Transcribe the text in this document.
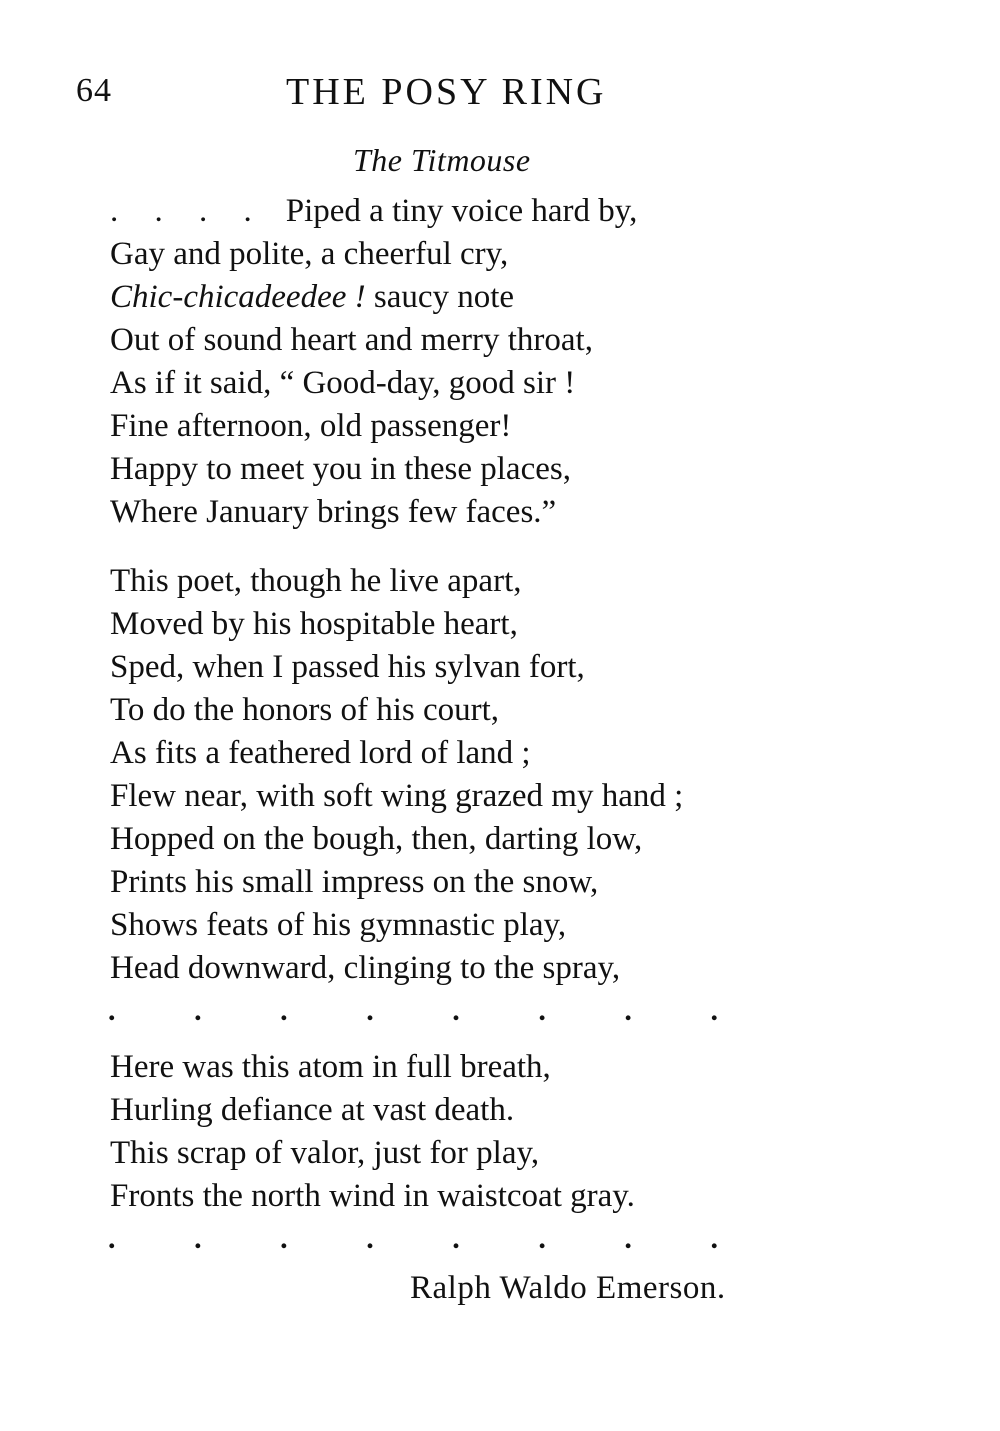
64	THE POSY RING
The Titmouse
. . . . Piped a tiny voice hard by,
Gay and polite, a cheerful cry,
Chic-chicadeedee ! saucy note
Out of sound heart and merry throat,
As if it said, “ Good-day, good sir !
Fine afternoon, old passenger!
Happy to meet you in these places,
Where January brings few faces.”
This poet, though he live apart,
Moved by his hospitable heart,
Sped, when I passed his sylvan fort,
To do the honors of his court,
As fits a feathered lord of land ;
Flew near, with soft wing grazed my hand ;
Hopped on the bough, then, darting low,
Prints his small impress on the snow,
Shows feats of his gymnastic play,
Head downward, clinging to the spray,
.	.	.	.	.	.	.	.
Here was this atom in full breath,
Hurling defiance at vast death.
This scrap of valor, just for play,
Fronts the north wind in waistcoat gray.
.	.	.	.	.	.	.	.
Ralph Waldo Emerson.
